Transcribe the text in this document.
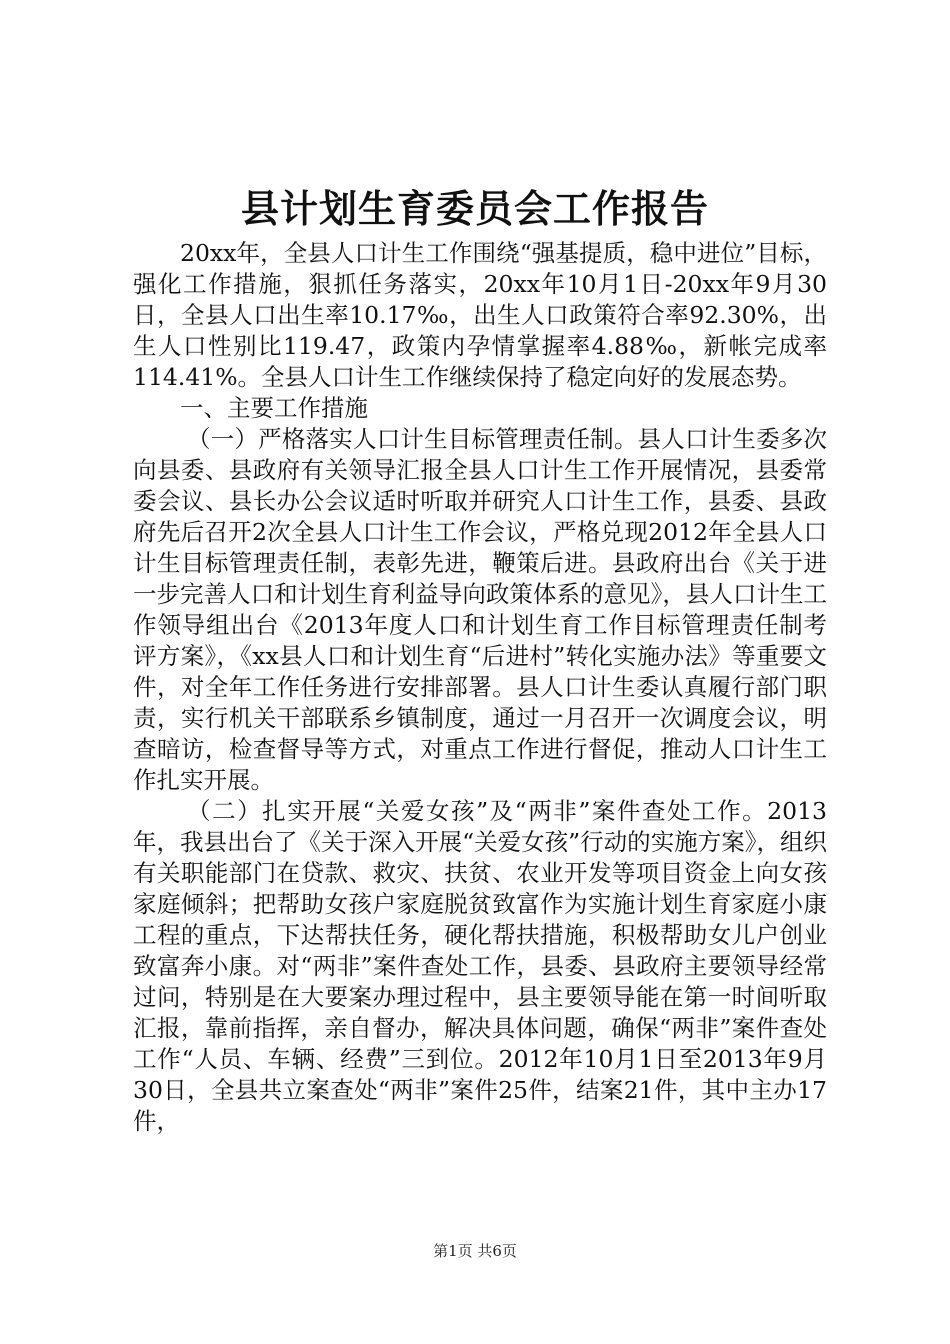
县计划生育委员会工作报告

20xx年，全县人口计生工作围绕“强基提质，稳中进位”目标，强化工作措施，狠抓任务落实，20xx年10月1日-20xx年9月30日，全县人口出生率10.17‰，出生人口政策符合率92.30%，出生人口性别比119.47，政策内孕情掌握率4.88‰，新帐完成率114.41%。全县人口计生工作继续保持了稳定向好的发展态势。

一、主要工作措施

（一）严格落实人口计生目标管理责任制。县人口计生委多次向县委、县政府有关领导汇报全县人口计生工作开展情况，县委常委会议、县长办公会议适时听取并研究人口计生工作，县委、县政府先后召开2次全县人口计生工作会议，严格兑现2012年全县人口计生目标管理责任制，表彰先进，鞭策后进。县政府出台《关于进一步完善人口和计划生育利益导向政策体系的意见》，县人口计生工作领导组出台《2013年度人口和计划生育工作目标管理责任制考评方案》，《xx县人口和计划生育“后进村”转化实施办法》等重要文件，对全年工作任务进行安排部署。县人口计生委认真履行部门职责，实行机关干部联系乡镇制度，通过一月召开一次调度会议，明查暗访，检查督导等方式，对重点工作进行督促，推动人口计生工作扎实开展。

（二）扎实开展“关爱女孩”及“两非”案件查处工作。2013年，我县出台了《关于深入开展“关爱女孩”行动的实施方案》，组织有关职能部门在贷款、救灾、扶贫、农业开发等项目资金上向女孩家庭倾斜；把帮助女孩户家庭脱贫致富作为实施计划生育家庭小康工程的重点，下达帮扶任务，硬化帮扶措施，积极帮助女儿户创业致富奔小康。对“两非”案件查处工作，县委、县政府主要领导经常过问，特别是在大要案办理过程中，县主要领导能在第一时间听取汇报，靠前指挥，亲自督办，解决具体问题，确保“两非”案件查处工作“人员、车辆、经费”三到位。2012年10月1日至2013年9月30日，全县共立案查处“两非”案件25件，结案21件，其中主办17件，

第1页 共6页
